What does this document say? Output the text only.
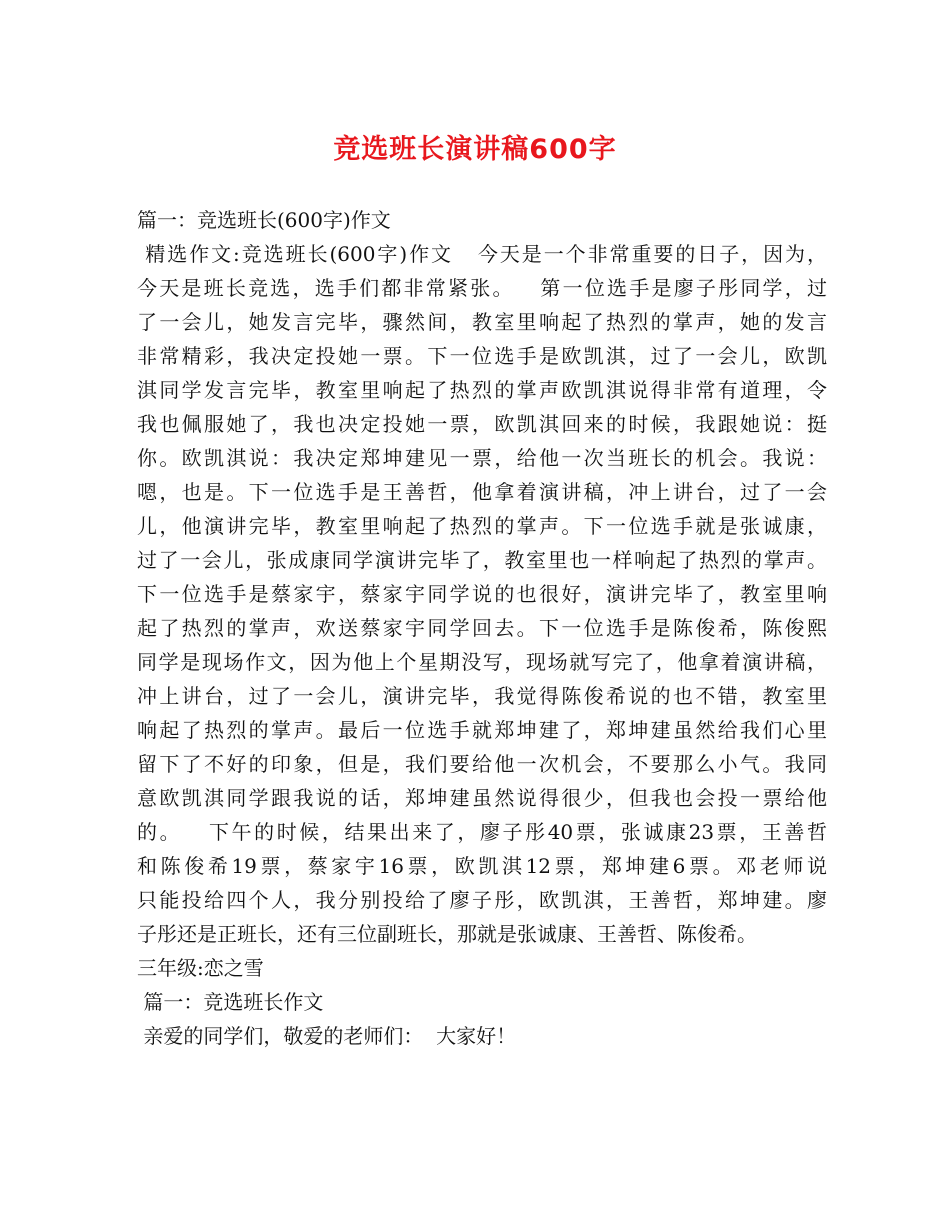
竞选班长演讲稿600字
篇一：竞选班长(600字)作文
精选作文:竞选班长(600字)作文   今天是一个非常重要的日子，因为，
今天是班长竞选，选手们都非常紧张。   第一位选手是廖子彤同学，过
了一会儿，她发言完毕，骤然间，教室里响起了热烈的掌声，她的发言
非常精彩，我决定投她一票。下一位选手是欧凯淇，过了一会儿，欧凯
淇同学发言完毕，教室里响起了热烈的掌声欧凯淇说得非常有道理，令
我也佩服她了，我也决定投她一票，欧凯淇回来的时候，我跟她说：挺
你。欧凯淇说：我决定郑坤建见一票，给他一次当班长的机会。我说：
嗯，也是。下一位选手是王善哲，他拿着演讲稿，冲上讲台，过了一会
儿，他演讲完毕，教室里响起了热烈的掌声。下一位选手就是张诚康，
过了一会儿，张成康同学演讲完毕了，教室里也一样响起了热烈的掌声。
下一位选手是蔡家宇，蔡家宇同学说的也很好，演讲完毕了，教室里响
起了热烈的掌声，欢送蔡家宇同学回去。下一位选手是陈俊希，陈俊熙
同学是现场作文，因为他上个星期没写，现场就写完了，他拿着演讲稿，
冲上讲台，过了一会儿，演讲完毕，我觉得陈俊希说的也不错，教室里
响起了热烈的掌声。最后一位选手就郑坤建了，郑坤建虽然给我们心里
留下了不好的印象，但是，我们要给他一次机会，不要那么小气。我同
意欧凯淇同学跟我说的话，郑坤建虽然说得很少，但我也会投一票给他
的。   下午的时候，结果出来了，廖子彤40票，张诚康23票，王善哲
和陈俊希19票，蔡家宇16票，欧凯淇12票，郑坤建6票。邓老师说
只能投给四个人，我分别投给了廖子彤，欧凯淇，王善哲，郑坤建。廖
子彤还是正班长，还有三位副班长，那就是张诚康、王善哲、陈俊希。
三年级:恋之雪
篇一：竞选班长作文
亲爱的同学们，敬爱的老师们：  大家好！
